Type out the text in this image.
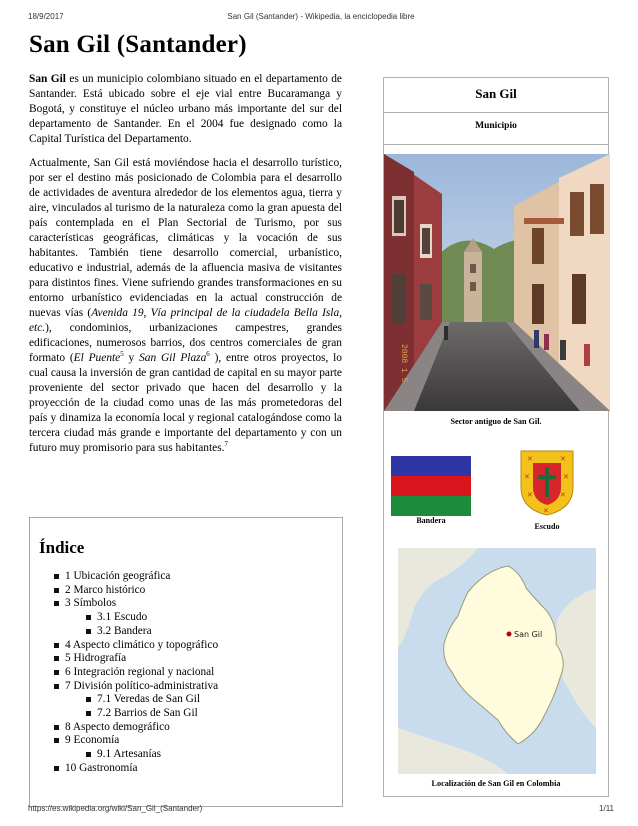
18/9/2017	San Gil (Santander) - Wikipedia, la enciclopedia libre
San Gil (Santander)

San Gil es un municipio colombiano situado en el departamento de Santander. Está ubicado sobre el eje vial entre Bucaramanga y Bogotá, y constituye el núcleo urbano más importante del sur del departamento de Santander. En el 2004 fue designado como la Capital Turística del Departamento.

Actualmente, San Gil está moviéndose hacia el desarrollo turístico, por ser el destino más posicionado de Colombia para el desarrollo de actividades de aventura alrededor de los elementos agua, tierra y aire, vinculados al turismo de la naturaleza como la gran apuesta del país contemplada en el Plan Sectorial de Turismo, por sus características geográficas, climáticas y la vocación de sus habitantes. También tiene desarrollo comercial, urbanístico, educativo e industrial, además de la afluencia masiva de visitantes para distintos fines. Viene sufriendo grandes transformaciones en su entorno urbanístico evidenciadas en la actual construcción de nuevas vías (Avenida 19, Vía principal de la ciudadela Bella Isla, etc.), condominios, urbanizaciones campestres, grandes edificaciones, numerosos barrios, dos centros comerciales de gran formato (El Puente$^5$ y San Gil Plaza$^6$ ), entre otros proyectos, lo cual causa la inversión de gran cantidad de capital en su mayor parte proveniente del sector privado que hacen del desarrollo y la proyección de la ciudad como unas de las más prometedoras del país y dinamiza la economía local y regional catalogándose como la tercera ciudad más grande e importante del departamento y con un futuro muy promisorio para sus habitantes.$^7$

Índice
1 Ubicación geográfica
2 Marco histórico
3 Símbolos
3.1 Escudo
3.2 Bandera
4 Aspecto climático y topográfico
5 Hidrografía
6 Integración regional y nacional
7 División político-administrativa
7.1 Veredas de San Gil
7.2 Barrios de San Gil
8 Aspecto demográfico
9 Economía
9.1 Artesanías
10 Gastronomía
San Gil
Municipio
2008 1 5
Sector antiguo de San Gil.
✕	✕
✕	✕
✕	✕
✕
Bandera
Escudo
San Gil
Localización de San Gil en Colombia
https://es.wikipedia.org/wiki/San_Gil_(Santander)	1/11
